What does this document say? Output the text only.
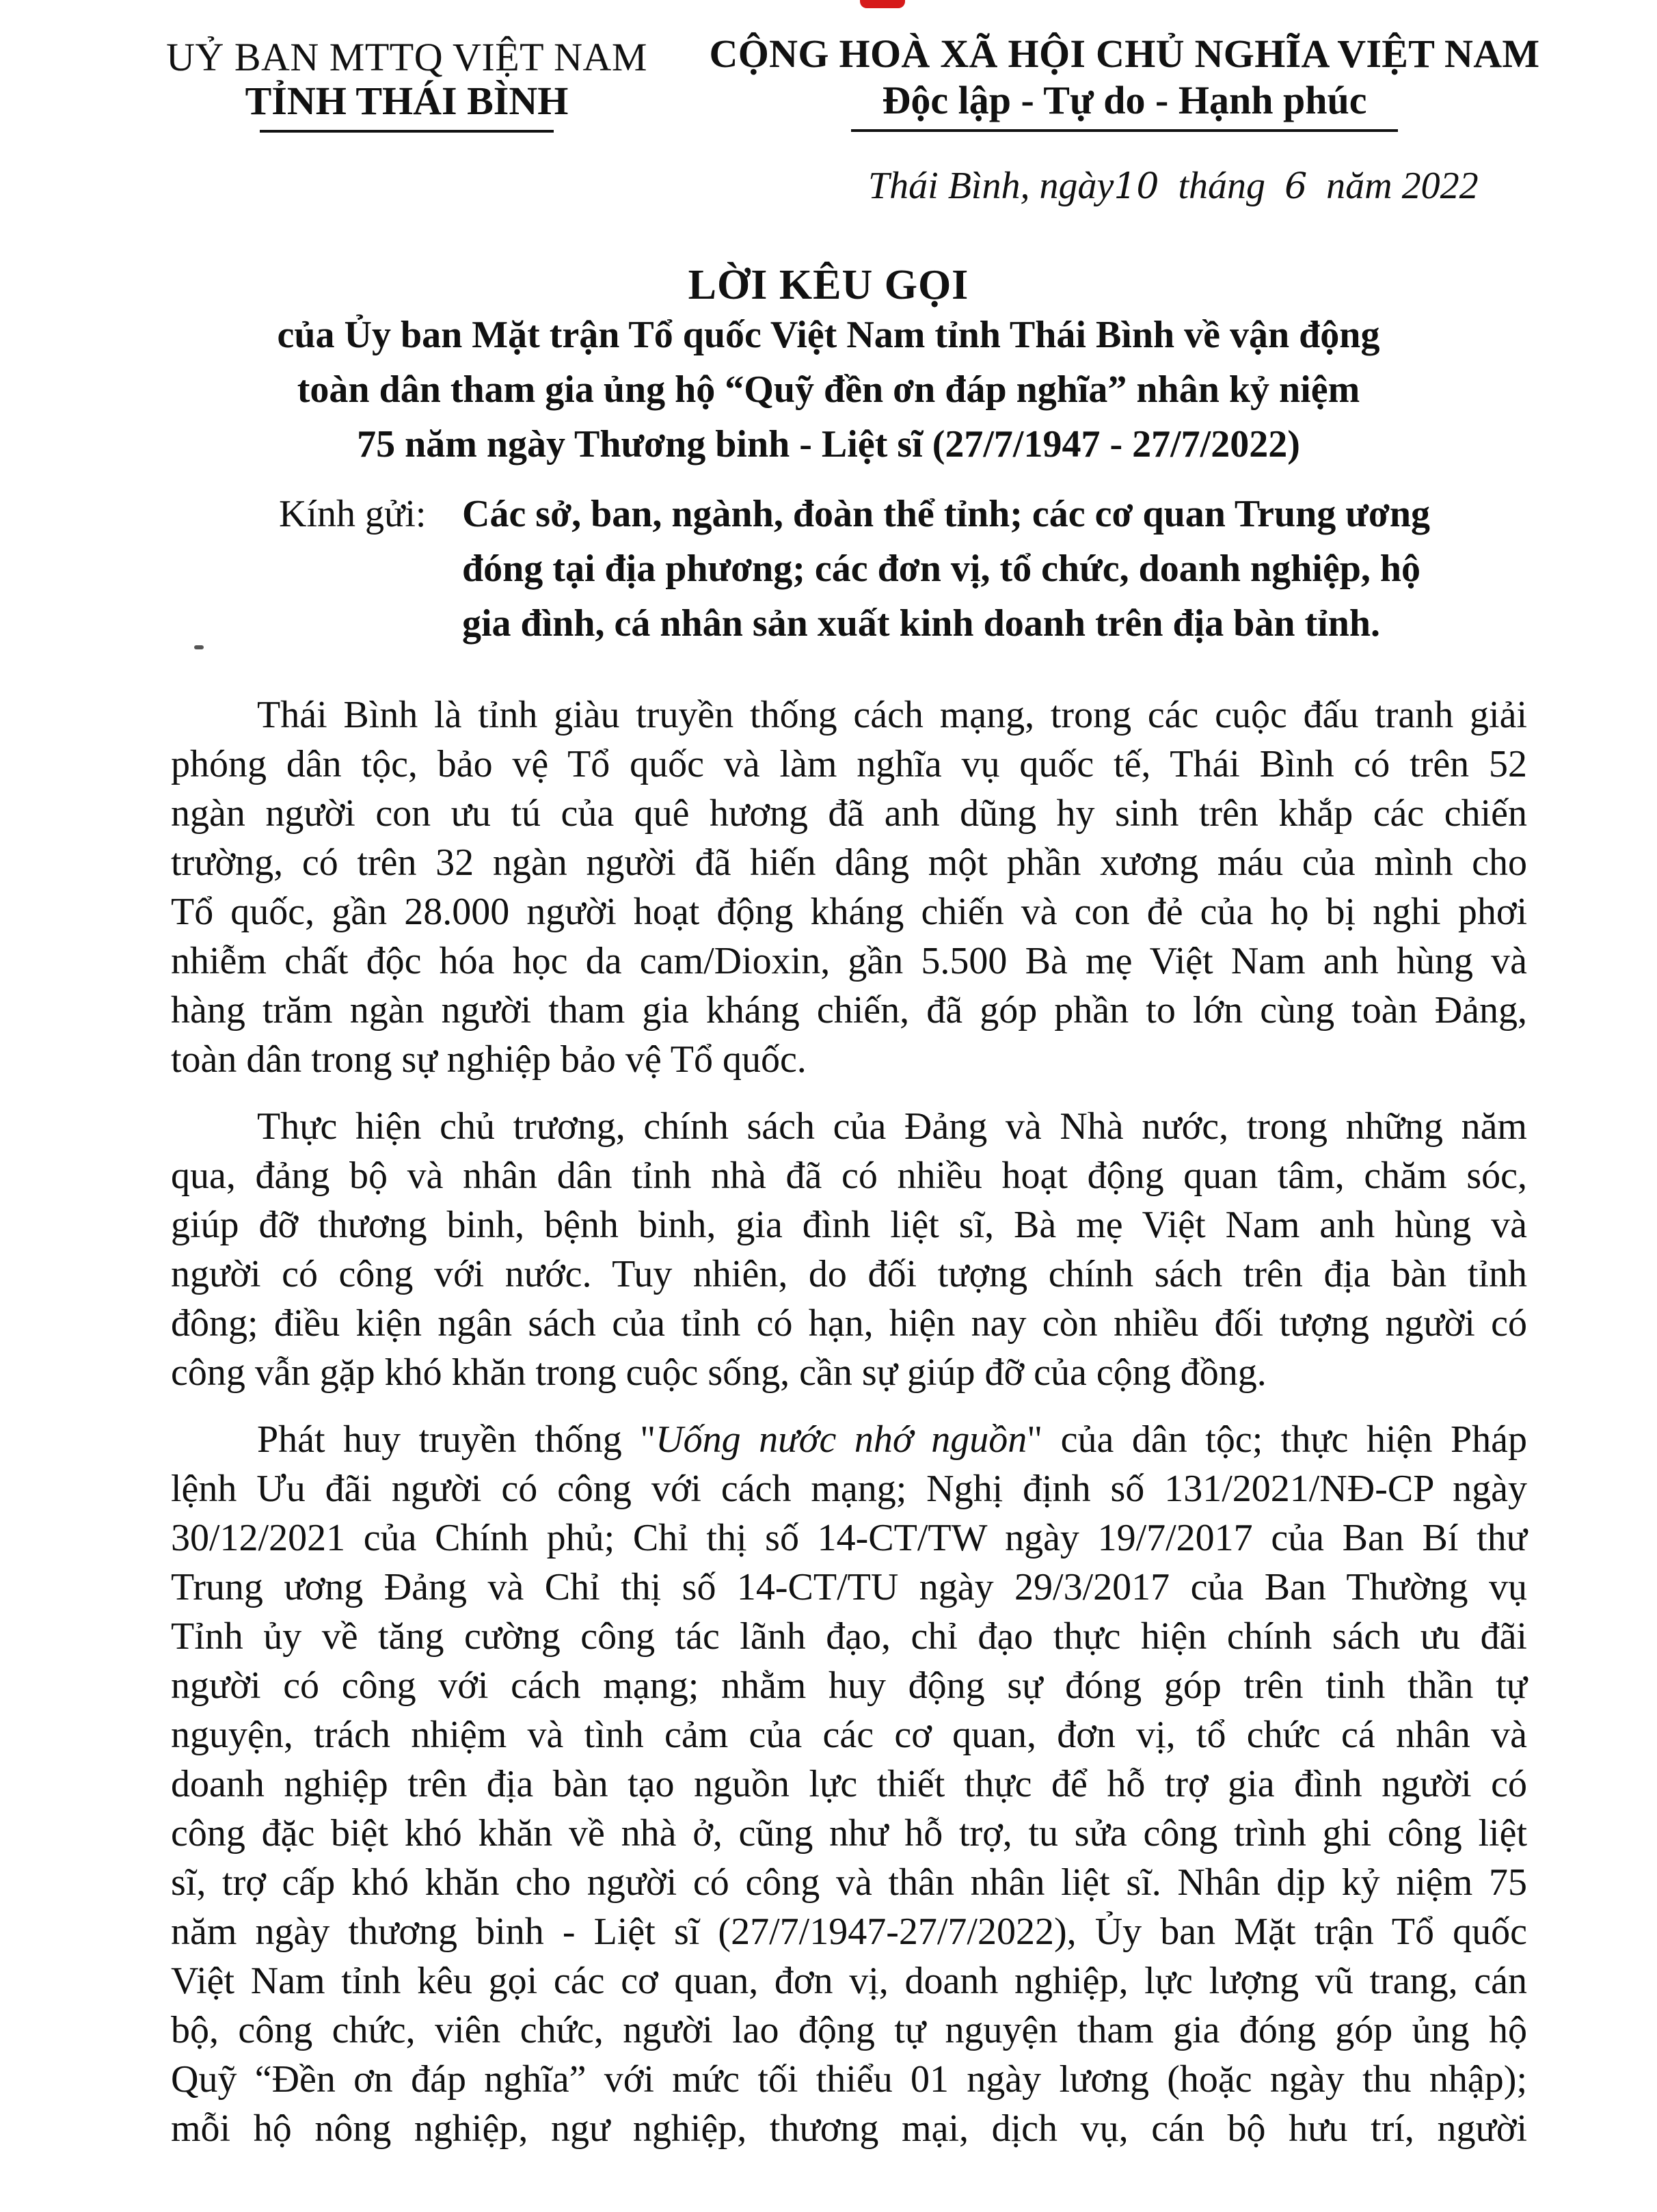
UỶ BAN MTTQ VIỆT NAM
TỈNH THÁI BÌNH
CỘNG HOÀ XÃ HỘI CHỦ NGHĨA VIỆT NAM
Độc lập - Tự do - Hạnh phúc
Thái Bình, ngày10 tháng 6 năm 2022
LỜI KÊU GỌI
của Ủy ban Mặt trận Tổ quốc Việt Nam tỉnh Thái Bình về vận động
toàn dân tham gia ủng hộ “Quỹ đền ơn đáp nghĩa” nhân kỷ niệm
75 năm ngày Thương binh - Liệt sĩ (27/7/1947 - 27/7/2022)
Kính gửi: Các sở, ban, ngành, đoàn thể tỉnh; các cơ quan Trung ương
đóng tại địa phương; các đơn vị, tổ chức, doanh nghiệp, hộ
gia đình, cá nhân sản xuất kinh doanh trên địa bàn tỉnh.
Thái Bình là tỉnh giàu truyền thống cách mạng, trong các cuộc đấu tranh giải
phóng dân tộc, bảo vệ Tổ quốc và làm nghĩa vụ quốc tế, Thái Bình có trên 52
ngàn người con ưu tú của quê hương đã anh dũng hy sinh trên khắp các chiến
trường, có trên 32 ngàn người đã hiến dâng một phần xương máu của mình cho
Tổ quốc, gần 28.000 người hoạt động kháng chiến và con đẻ của họ bị nghi phơi
nhiễm chất độc hóa học da cam/Dioxin, gần 5.500 Bà mẹ Việt Nam anh hùng và
hàng trăm ngàn người tham gia kháng chiến, đã góp phần to lớn cùng toàn Đảng,
toàn dân trong sự nghiệp bảo vệ Tổ quốc.
Thực hiện chủ trương, chính sách của Đảng và Nhà nước, trong những năm
qua, đảng bộ và nhân dân tỉnh nhà đã có nhiều hoạt động quan tâm, chăm sóc,
giúp đỡ thương binh, bệnh binh, gia đình liệt sĩ, Bà mẹ Việt Nam anh hùng và
người có công với nước. Tuy nhiên, do đối tượng chính sách trên địa bàn tỉnh
đông; điều kiện ngân sách của tỉnh có hạn, hiện nay còn nhiều đối tượng người có
công vẫn gặp khó khăn trong cuộc sống, cần sự giúp đỡ của cộng đồng.
Phát huy truyền thống "Uống nước nhớ nguồn" của dân tộc; thực hiện Pháp
lệnh Ưu đãi người có công với cách mạng; Nghị định số 131/2021/NĐ-CP ngày
30/12/2021 của Chính phủ; Chỉ thị số 14-CT/TW ngày 19/7/2017 của Ban Bí thư
Trung ương Đảng và Chỉ thị số 14-CT/TU ngày 29/3/2017 của Ban Thường vụ
Tỉnh ủy về tăng cường công tác lãnh đạo, chỉ đạo thực hiện chính sách ưu đãi
người có công với cách mạng; nhằm huy động sự đóng góp trên tinh thần tự
nguyện, trách nhiệm và tình cảm của các cơ quan, đơn vị, tổ chức cá nhân và
doanh nghiệp trên địa bàn tạo nguồn lực thiết thực để hỗ trợ gia đình người có
công đặc biệt khó khăn về nhà ở, cũng như hỗ trợ, tu sửa công trình ghi công liệt
sĩ, trợ cấp khó khăn cho người có công và thân nhân liệt sĩ. Nhân dịp kỷ niệm 75
năm ngày thương binh - Liệt sĩ (27/7/1947-27/7/2022), Ủy ban Mặt trận Tổ quốc
Việt Nam tỉnh kêu gọi các cơ quan, đơn vị, doanh nghiệp, lực lượng vũ trang, cán
bộ, công chức, viên chức, người lao động tự nguyện tham gia đóng góp ủng hộ
Quỹ “Đền ơn đáp nghĩa” với mức tối thiểu 01 ngày lương (hoặc ngày thu nhập);
mỗi hộ nông nghiệp, ngư nghiệp, thương mại, dịch vụ, cán bộ hưu trí, người
